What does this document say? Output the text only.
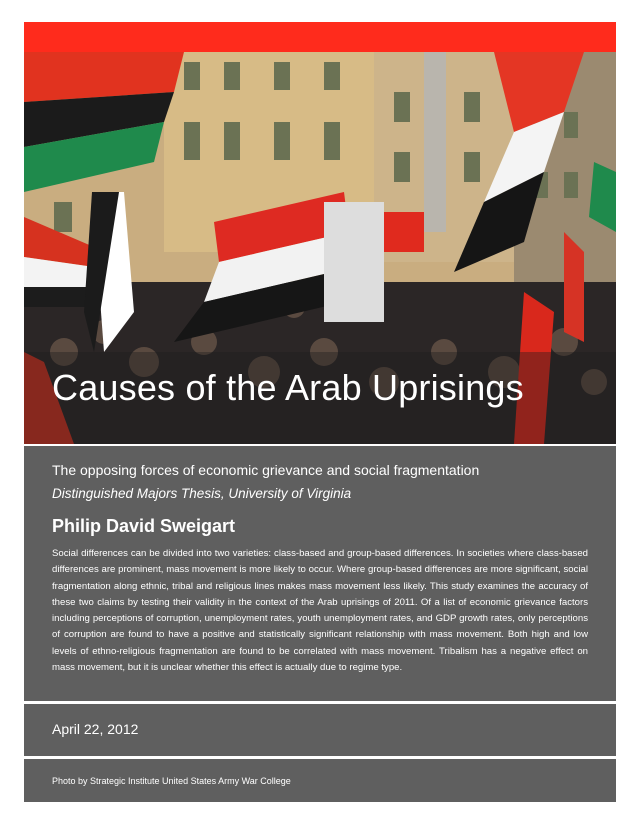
Causes of the Arab Uprisings
The opposing forces of economic grievance and social fragmentation
Distinguished Majors Thesis, University of Virginia
Philip David Sweigart

Social differences can be divided into two varieties: class-based and group-based differences. In societies where class-based differences are prominent, mass movement is more likely to occur. Where group-based differences are more significant, social fragmentation along ethnic, tribal and religious lines makes mass movement less likely. This study examines the accuracy of these two claims by testing their validity in the context of the Arab uprisings of 2011. Of a list of economic grievance factors including perceptions of corruption, unemployment rates, youth unemployment rates, and GDP growth rates, only perceptions of corruption are found to have a positive and statistically significant relationship with mass movement. Both high and low levels of ethno-religious fragmentation are found to be correlated with mass movement. Tribalism has a negative effect on mass movement, but it is unclear whether this effect is actually due to regime type.

April 22, 2012
Photo by Strategic Institute United States Army War College
